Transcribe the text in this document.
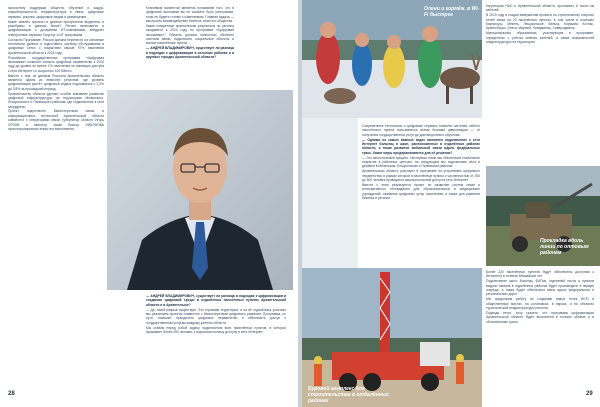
экосистему поддержки обществ, обучение и кадры, инфобезопасность, инфраструктура и связь, цифровые сервисы, рисунок, цифровые медиа и размещение.

Какие именно проекты в десятке приоритетов выделены и разобраны в данном блоке? Регион включается в цифровизацию с дочерними ИТ-компаниями, внедряет электронные сервисы Госуслуг и ИТ-программы.

Согласно Программе, Россия должна перенести на основные технологии данных и подготовить систему обслуживания в цифровых сетях с покрытием свыше 97% населения Архангельской области к 2024 году.

Российская государственная программа «Цифровая экономика» позволит снизить цифровое неравенство к 2024 году до уровня не менее 1% населения не имеющих доступа к сети Интернет со скоростью 100 Мбит/с.

Вместе с тем, по данным Росстата Архангельская область является одним из немногих регионов, где уровень цифровизации растёт: цифровой индекс поднимается с 2,2% до 3,8% за прошедший период.

Правительство области уделяет особое внимание развитию цифровой инфраструктуры на территориях Мезенского, Лешуконского и Пинежского районов, где подключение к сети затруднено.

Проект подготовлен Министерством связи и информационных технологий Архангельской области совместно с операторами связи; губернатор области Игорь ОРЛОВ и министр связи Виктор НИКОНОВА проконтролировали этапы его выполнения.

Ключевым моментом является понимание того, что в цифровой экономике вы не сможете быть успешными, если не будете готовы к изменениям. Главная задача — выстроить взаимодействие бизнеса, власти и общества.

Какие конкретные практические результаты по региону ожидаются к 2024 году по программе «Цифровая экономика»? Область должна полностью обновить системы связи, подключить социальные объекты и малые населённые пункты.

— АНДРЕЙ ВЛАДИМИРОВИЧ, существует ли разница в подходах к цифровизации в сельских районах и в крупных городах Архангельской области?

— АНДРЕЙ ВЛАДИМИРОВИЧ, существует ли разница в подходах к цифровизации и созданию цифровой среды в отдалённых населённых пунктах Архангельской области и в Архангельске?

— Да, такой разрыв существует. Это огромная территория, и на её отдалённых участках мы реализуем проекты совместно с Министерством цифрового развития. Программа, по сути, позволит преодолеть цифровое неравенство и обеспечить доступ к государственным услугам каждому жителю области.

Мы ставим перед собой задачу подключения всех населённых пунктов, в которых проживает более 250 человек, к широкополосному доступу в сеть Интернет.

28
Олени и кормёж. в Wi-Fi быстрее

территории НАО и Архангельской области, проложено 6 тысяч км кабелей.

В 2019 году в стадии завершения проекты по строительству опорных сетей связи на 20 населённых пунктах, в том числе в поселках Карпогоры, Мезень, Лешуконское, Вельск, Коряжма, Котлас, Красноборск, Онега, Мирный, Новодвинск, Северодвинск.

Муниципальные образования, участвующие в программе, определены с учётом мнения жителей, а также возможностей инфраструктуры на территории.

Современные технологии и цифровые сервисы позволят жителям любого населённого пункта пользоваться всеми благами цивилизации — от получения государственных услуг до дистанционного обучения.

— Одними из самых важных задач являются подключение к сети Интернет больниц и школ, расположенных в отдалённых районах области, а также развитие мобильной связи вдоль федеральных трасс. Какие меры предпринимаются для её решения?

— Это многоэтапный процесс. На первом этапе мы обеспечили стабильное покрытие в районных центрах, на следующем мы подключаем сёла и деревни в Мезенском, Лешуконском и Пинежском районах.

Архангельская область участвует в программе по устранению цифрового неравенства, в рамках которой в населённые пункты с численностью от 250 до 500 человек проводится широкополосный доступ в сеть Интернет.

Вместе с этим реализуется проект по развитию систем связи и интерактивного телевидения для образовательных и медицинских учреждений, оказанию цифровых услуг населению, а также для развития бизнеса в регионе.

Прокладка вдоль линии по оптовым районам
Буровой комплекс для строительства в отдалённых районах

Более 220 населённых пунктов будут обеспечены доступом к Интернету в течение ближайших лет.

Подключение школ, больниц, ФАПов, отделений почты и пунктов выдачи заказов в отдалённых районах будет произведено в первую очередь, а также будет обеспечена связь вдоль федеральных и региональных дорог.

Мы продолжим работу по созданию новых точек Wi-Fi в общественных местах, на остановках, в парках, и на объектах туристической инфраструктуры региона.

Подводя итоги, хочу сказать, что программа цифровизации Архангельской области будет выполнена в полном объёме и в обозначенные сроки.

29
